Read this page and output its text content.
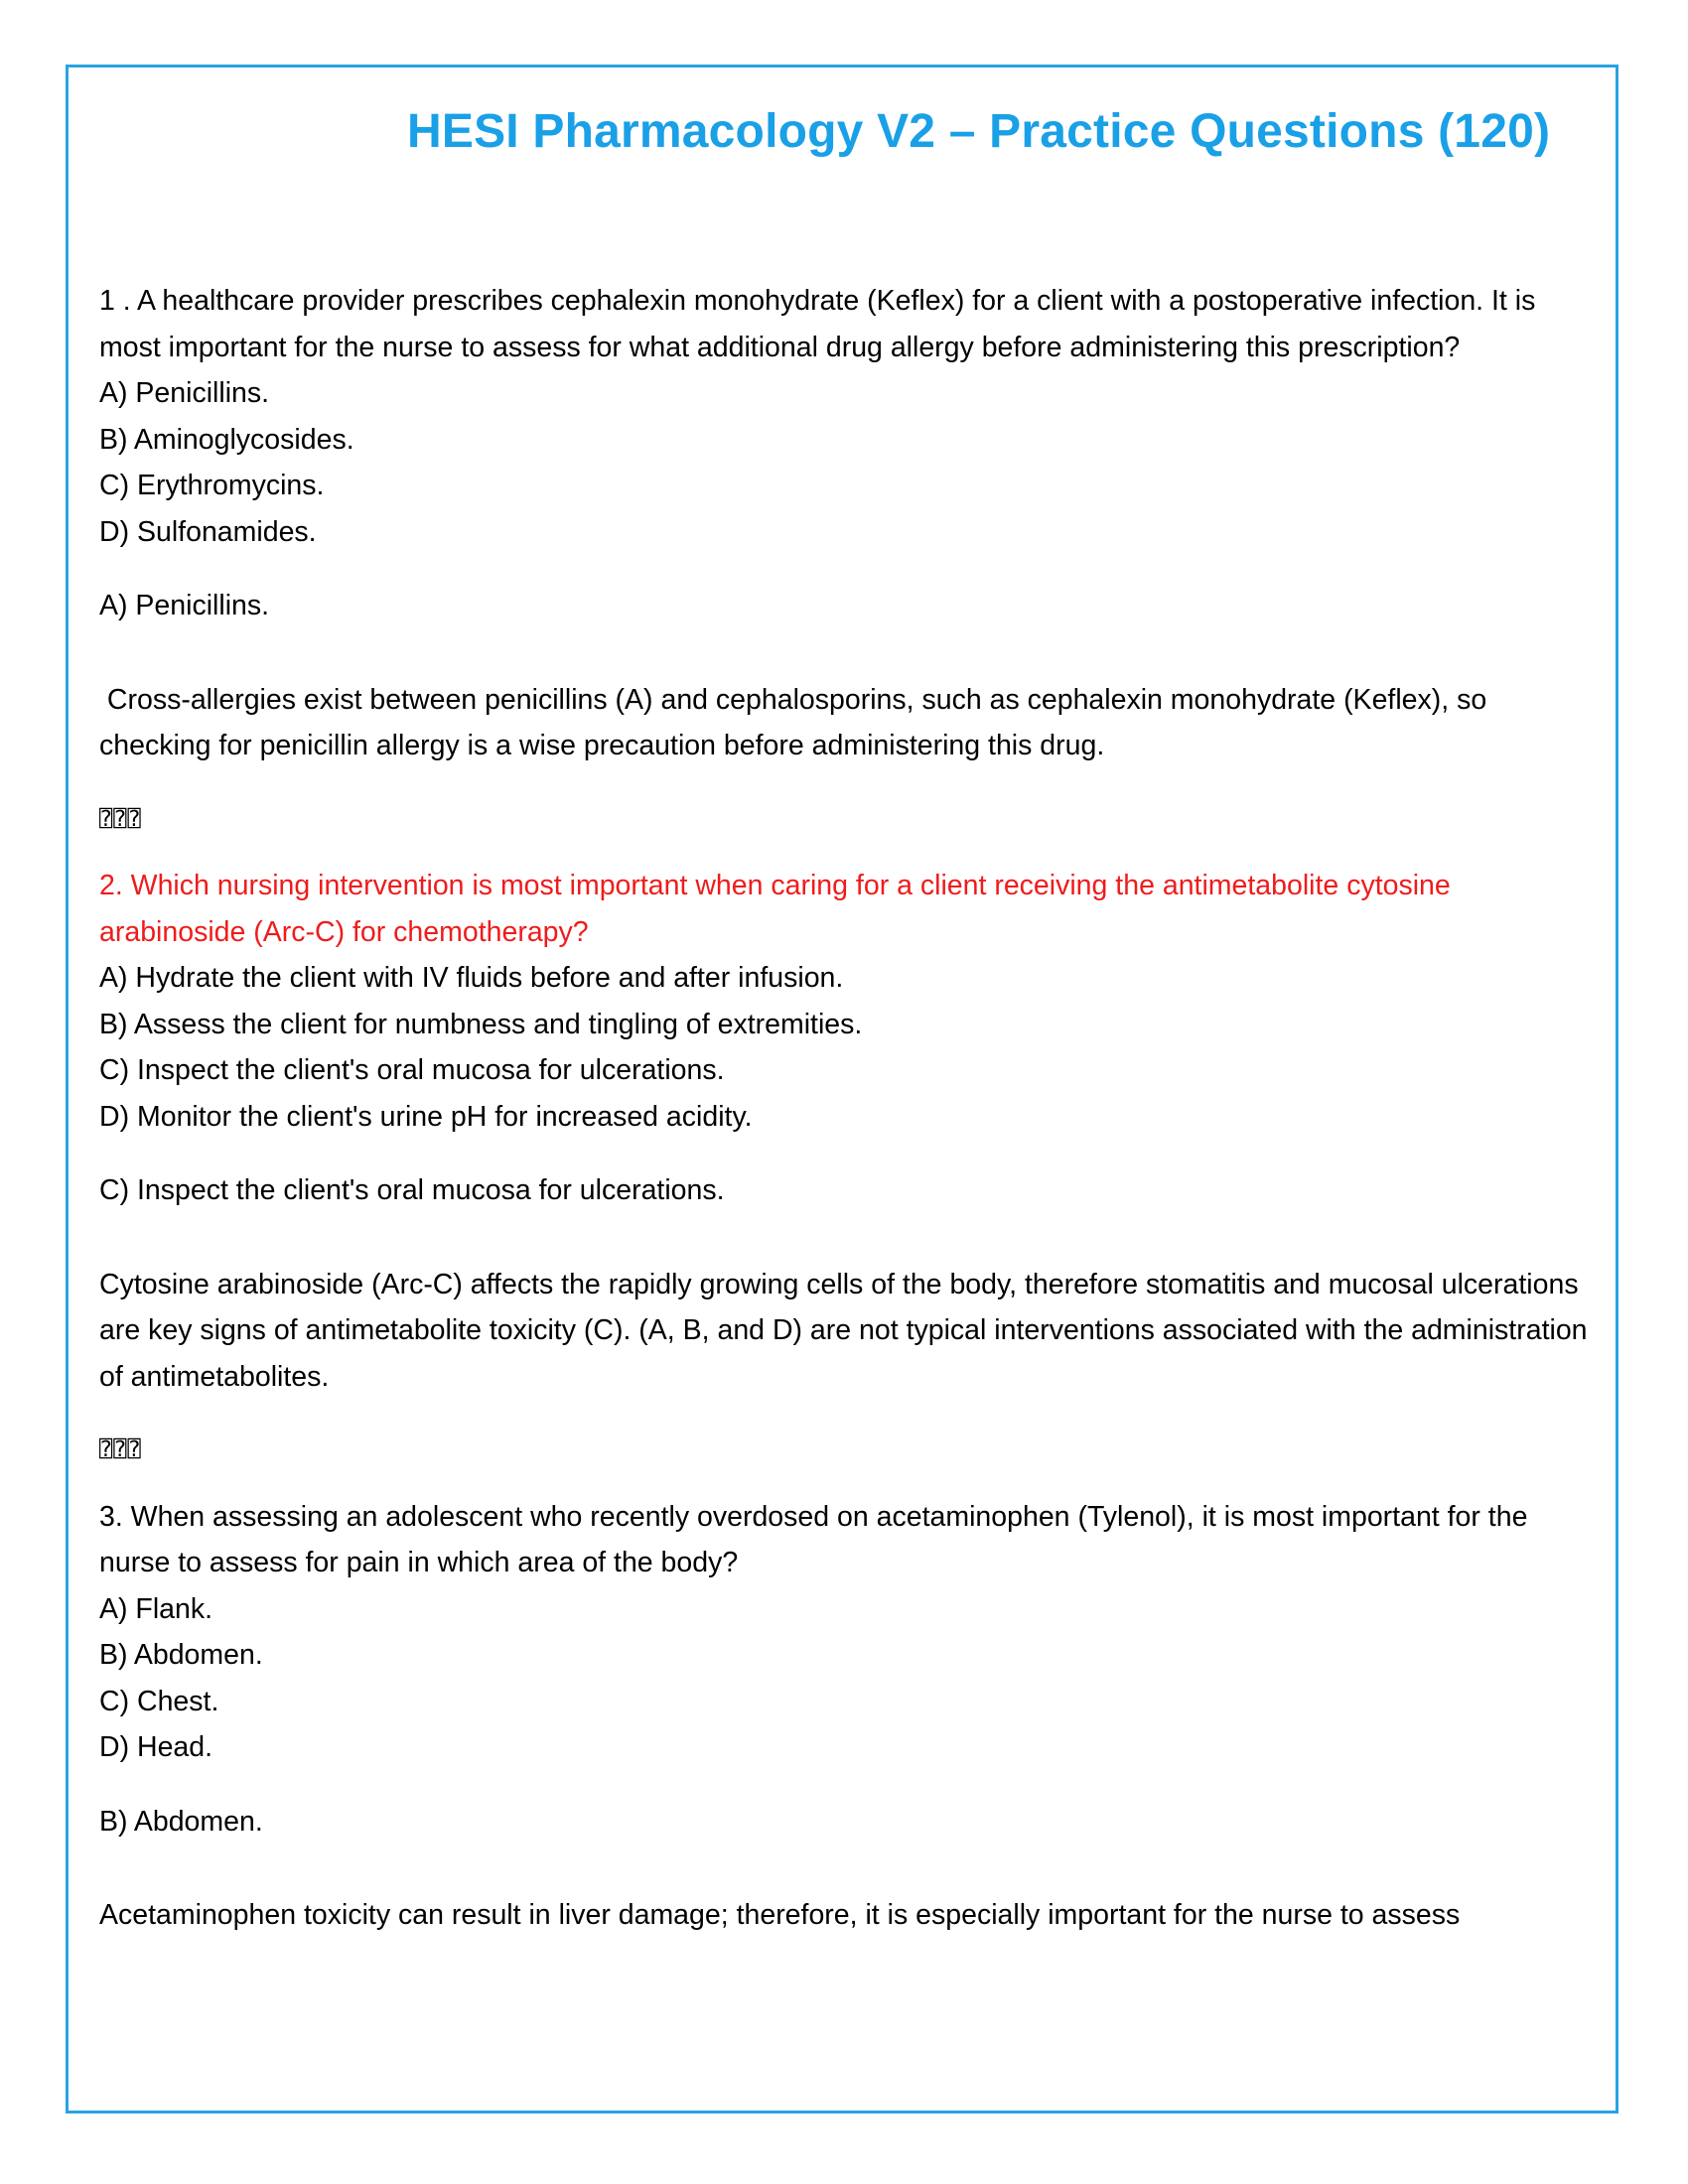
HESI Pharmacology V2 – Practice Questions (120)

1 . A healthcare provider prescribes cephalexin monohydrate (Keflex) for a client with a postoperative infection. It is most important for the nurse to assess for what additional drug allergy before administering this prescription?

A) Penicillins.

B) Aminoglycosides.

C) Erythromycins.

D) Sulfonamides.

A) Penicillins.

Cross-allergies exist between penicillins (A) and cephalosporins, such as cephalexin monohydrate (Keflex), so checking for penicillin allergy is a wise precaution before administering this drug.

⍰⍰⍰

2. Which nursing intervention is most important when caring for a client receiving the antimetabolite cytosine arabinoside (Arc-C) for chemotherapy?

A) Hydrate the client with IV fluids before and after infusion.

B) Assess the client for numbness and tingling of extremities.

C) Inspect the client's oral mucosa for ulcerations.

D) Monitor the client's urine pH for increased acidity.

C) Inspect the client's oral mucosa for ulcerations.

Cytosine arabinoside (Arc-C) affects the rapidly growing cells of the body, therefore stomatitis and mucosal ulcerations are key signs of antimetabolite toxicity (C). (A, B, and D) are not typical interventions associated with the administration of antimetabolites.

⍰⍰⍰

3. When assessing an adolescent who recently overdosed on acetaminophen (Tylenol), it is most important for the nurse to assess for pain in which area of the body?

A) Flank.

B) Abdomen.

C) Chest.

D) Head.

B) Abdomen.

Acetaminophen toxicity can result in liver damage; therefore, it is especially important for the nurse to assess
